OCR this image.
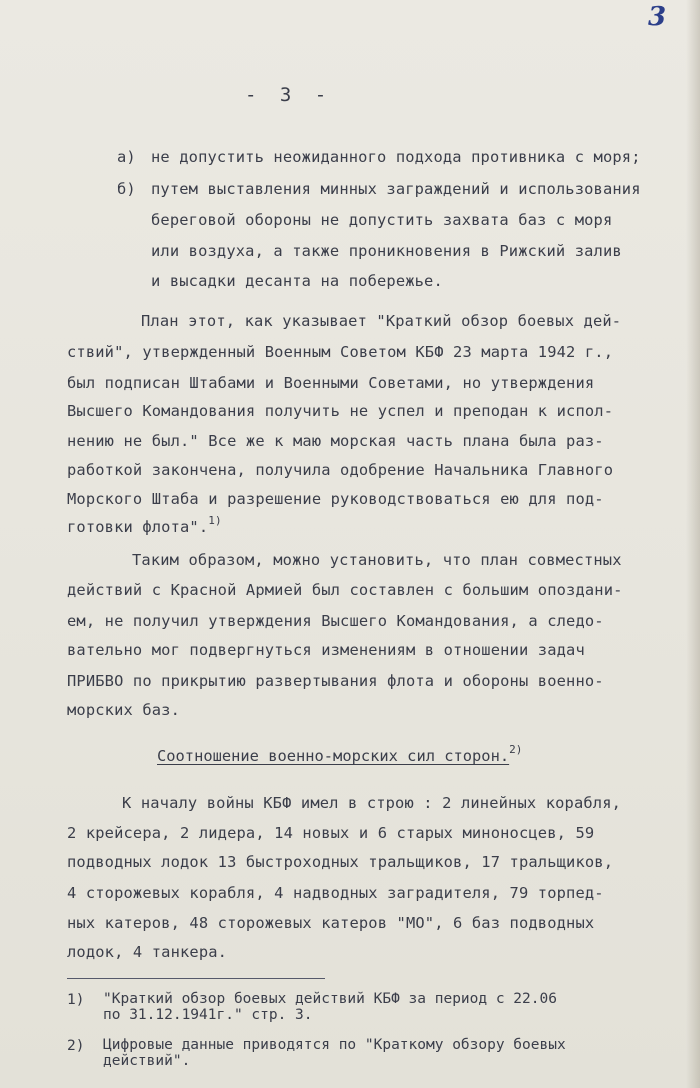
3
- 3 -
а) не допустить неожиданного подхода противника с моря;
б) путем выставления минных заграждений и использования
береговой обороны не допустить захвата баз с моря
или воздуха, а также проникновения в Рижский залив
и высадки десанта на побережье.
План этот, как указывает "Краткий обзор боевых дей-
ствий", утвержденный Военным Советом КБФ 23 марта 1942 г.,
был подписан Штабами и Военными Советами, но утверждения
Высшего Командования получить не успел и преподан к испол-
нению не был." Все же к маю морская часть плана была раз-
работкой закончена, получила одобрение Начальника Главного
Морского Штаба и разрешение руководствоваться ею для под-
готовки флота".$^{1)}$
Таким образом, можно установить, что план совместных
действий с Красной Армией был составлен с большим опоздани-
ем, не получил утверждения Высшего Командования, а следо-
вательно мог подвергнуться изменениям в отношении задач
ПРИБВО по прикрытию развертывания флота и обороны военно-
морских баз.
Соотношение военно-морских сил сторон.$^{2)}$
К началу войны КБФ имел в строю : 2 линейных корабля,
2 крейсера, 2 лидера, 14 новых и 6 старых миноносцев, 59
подводных лодок 13 быстроходных тральщиков, 17 тральщиков,
4 сторожевых корабля, 4 надводных заградителя, 79 торпед-
ных катеров, 48 сторожевых катеров "МО", 6 баз подводных
лодок, 4 танкера.
1) "Краткий обзор боевых действий КБФ за период с 22.06
по 31.12.1941г." стр. 3.
2) Цифровые данные приводятся по "Краткому обзору боевых
действий".
